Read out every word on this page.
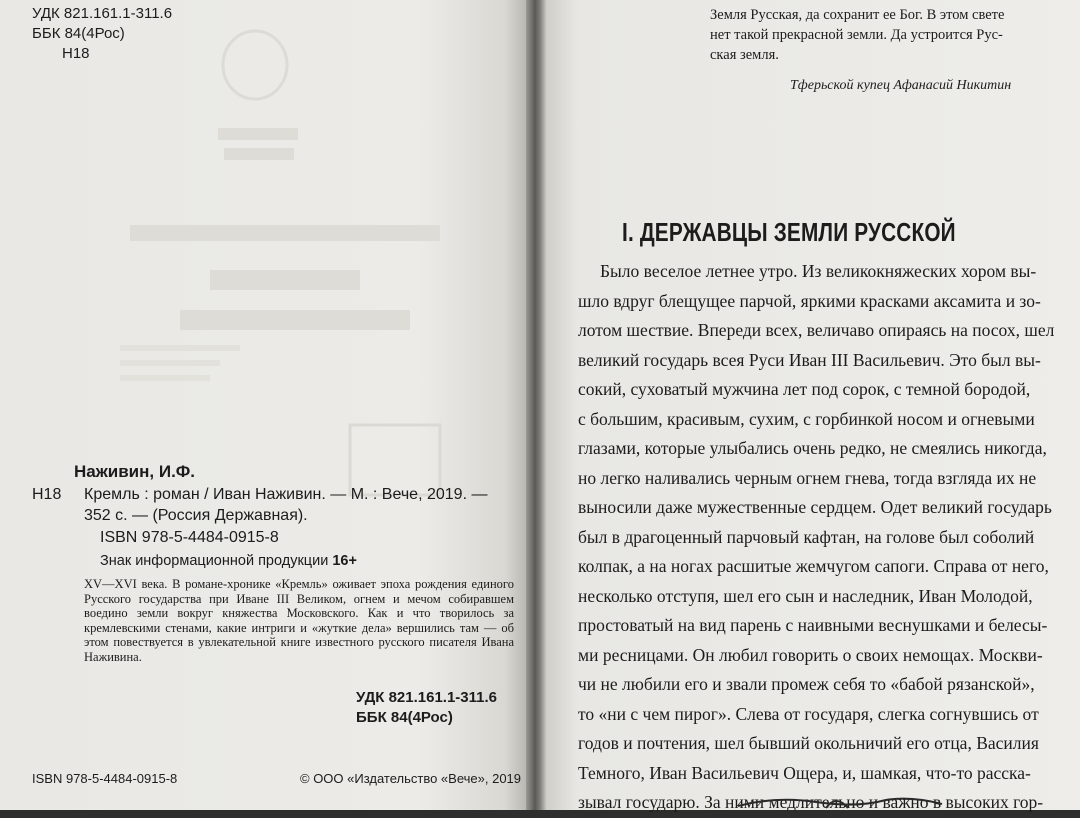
УДК 821.161.1-311.6
ББК 84(4Рос)
Н18
Наживин, И.Ф.
Н18 Кремль : роман / Иван Наживин. — М. : Вече, 2019. —
352 с. — (Россия Державная).
ISBN 978-5-4484-0915-8
Знак информационной продукции 16+
XV—XVI века. В романе-хронике «Кремль» оживает эпоха рождения единого Русского государства при Иване III Великом, огнем и мечом собиравшем воедино земли вокруг княжества Московского. Как и что творилось за кремлевскими стенами, какие интриги и «жуткие дела» вершились там — об этом повествуется в увлекательной книге известного русского писателя Ивана Наживина.
УДК 821.161.1-311.6
ББК 84(4Рос)
ISBN 978-5-4484-0915-8	© ООО «Издательство «Вече», 2019
Земля Русская, да сохранит ее Бог. В этом свете
нет такой прекрасной земли. Да устроится Рус-
ская земля.
Тферьской купец Афанасий Никитин
I. ДЕРЖАВЦЫ ЗЕМЛИ РУССКОЙ
Было веселое летнее утро. Из великокняжеских хором вы-
шло вдруг блещущее парчой, яркими красками аксамита и зо-
лотом шествие. Впереди всех, величаво опираясь на посох, шел
великий государь всея Руси Иван III Васильевич. Это был вы-
сокий, суховатый мужчина лет под сорок, с темной бородой,
с большим, красивым, сухим, с горбинкой носом и огневыми
глазами, которые улыбались очень редко, не смеялись никогда,
но легко наливались черным огнем гнева, тогда взгляда их не
выносили даже мужественные сердцем. Одет великий государь
был в драгоценный парчовый кафтан, на голове был соболий
колпак, а на ногах расшитые жемчугом сапоги. Справа от него,
несколько отступя, шел его сын и наследник, Иван Молодой,
простоватый на вид парень с наивными веснушками и белесы-
ми ресницами. Он любил говорить о своих немощах. Москви-
чи не любили его и звали промеж себя то «бабой рязанской»,
то «ни с чем пирог». Слева от государя, слегка согнувшись от
годов и почтения, шел бывший окольничий его отца, Василия
Темного, Иван Васильевич Ощера, и, шамкая, что-то расска-
зывал государю. За ними медлительно и важно в высоких гор-
